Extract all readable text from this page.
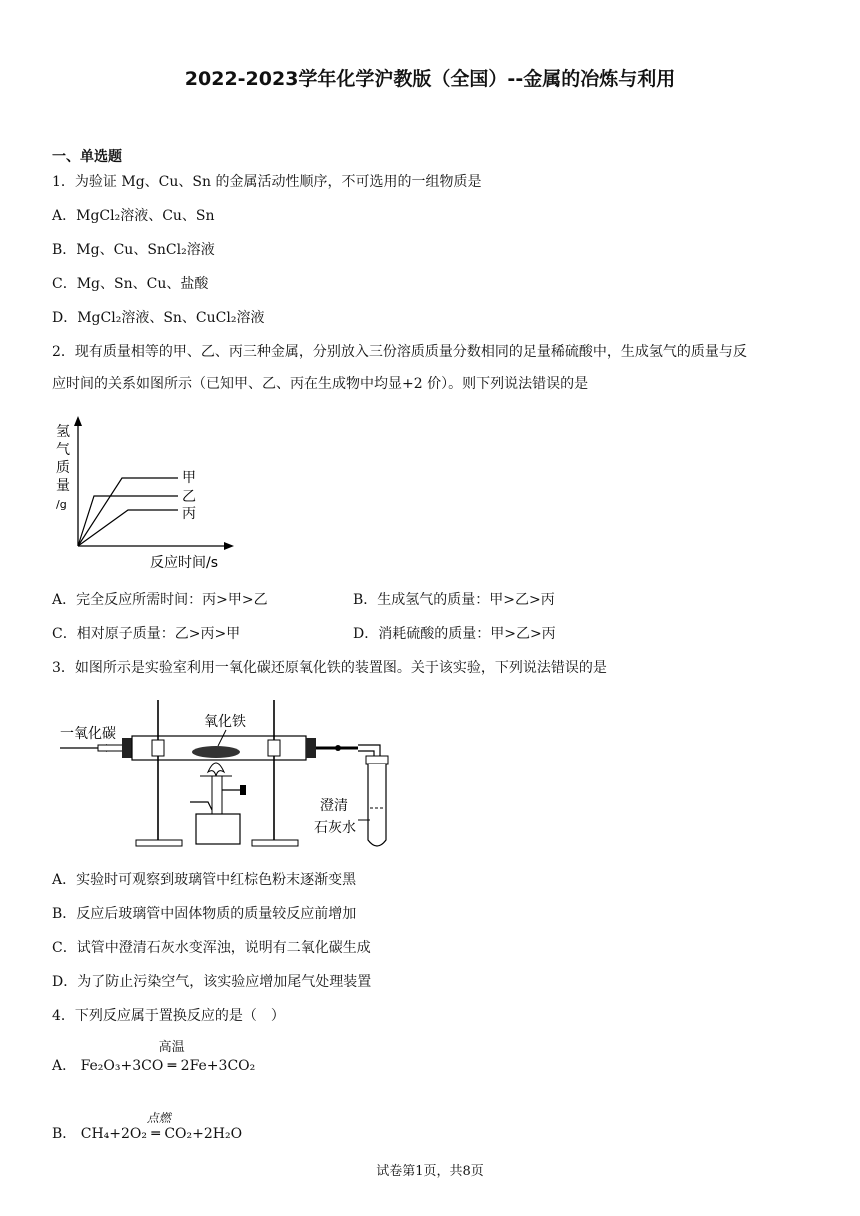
2022-2023学年化学沪教版（全国）--金属的冶炼与利用
一、单选题
1．为验证 Mg、Cu、Sn 的金属活动性顺序，不可选用的一组物质是
A．MgCl₂溶液、Cu、Sn
B．Mg、Cu、SnCl₂溶液
C．Mg、Sn、Cu、盐酸
D．MgCl₂溶液、Sn、CuCl₂溶液
2．现有质量相等的甲、乙、丙三种金属，分别放入三份溶质质量分数相同的足量稀硫酸中，生成氢气的质量与反
应时间的关系如图所示（已知甲、乙、丙在生成物中均显+2 价）。则下列说法错误的是
氢
气
质
量
/g
甲
乙
丙
反应时间/s
A．完全反应所需时间：丙>甲>乙	B．生成氢气的质量：甲>乙>丙
C．相对原子质量：乙>丙>甲	D．消耗硫酸的质量：甲>乙>丙
3．如图所示是实验室利用一氧化碳还原氧化铁的装置图。关于该实验，下列说法错误的是
一氧化碳
氧化铁
澄清
石灰水
A．实验时可观察到玻璃管中红棕色粉末逐渐变黑
B．反应后玻璃管中固体物质的质量较反应前增加
C．试管中澄清石灰水变浑浊，说明有二氧化碳生成
D．为了防止污染空气，该实验应增加尾气处理装置
4．下列反应属于置换反应的是（　）
A．
高温
Fe₂O₃+3CO ═ 2Fe+3CO₂
B．
点燃
CH₄+2O₂ ═ CO₂+2H₂O
试卷第1页，共8页
